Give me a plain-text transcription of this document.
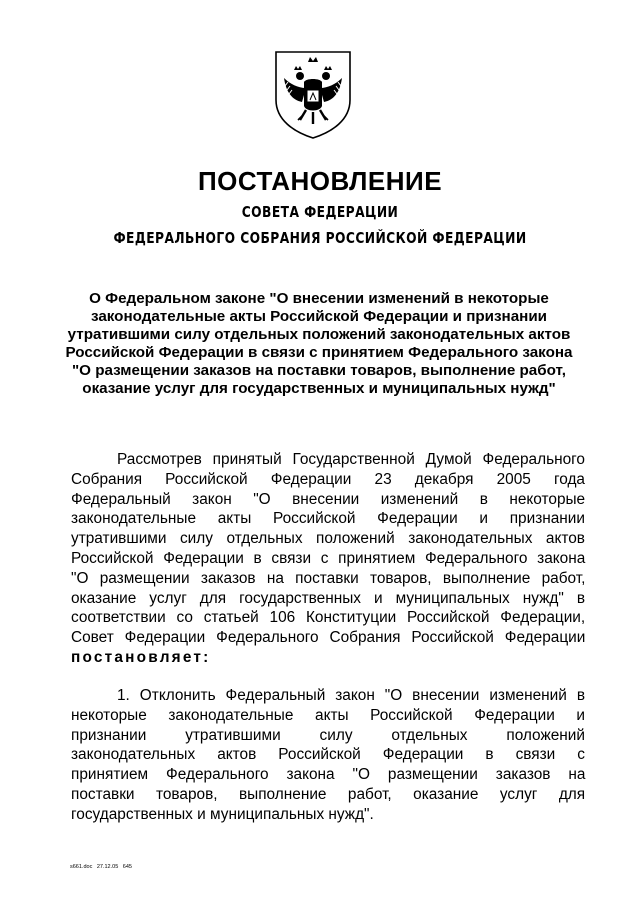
ПОСТАНОВЛЕНИЕ
СОВЕТА ФЕДЕРАЦИИ
ФЕДЕРАЛЬНОГО СОБРАНИЯ РОССИЙСКОЙ ФЕДЕРАЦИИ
О Федеральном законе "О внесении изменений в некоторые
законодательные акты Российской Федерации и признании
утратившими силу отдельных положений законодательных актов
Российской Федерации в связи с принятием Федерального закона
"О размещении заказов на поставки товаров, выполнение работ,
оказание услуг для государственных и муниципальных нужд"
Рассмотрев принятый Государственной Думой Федерального
Собрания Российской Федерации 23 декабря 2005 года
Федеральный закон "О внесении изменений в некоторые
законодательные акты Российской Федерации и признании
утратившими силу отдельных положений законодательных актов
Российской Федерации в связи с принятием Федерального закона
"О размещении заказов на поставки товаров, выполнение работ,
оказание услуг для государственных и муниципальных нужд" в
соответствии со статьей 106 Конституции Российской Федерации,
Совет Федерации Федерального Собрания Российской Федерации
постановляет:
1. Отклонить Федеральный закон "О внесении изменений в
некоторые законодательные акты Российской Федерации и
признании утратившими силу отдельных положений
законодательных актов Российской Федерации в связи с
принятием Федерального закона "О размещении заказов на
поставки товаров, выполнение работ, оказание услуг для
государственных и муниципальных нужд".
s661.doc 27.12.05 645
